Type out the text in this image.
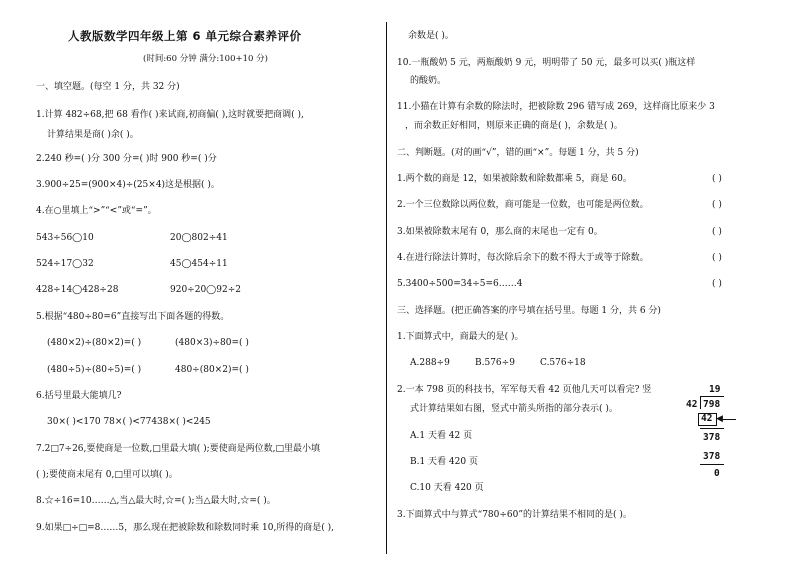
人教版数学四年级上第 6 单元综合素养评价
(时间:60 分钟 满分:100+10 分)
一、填空题。(每空 1 分，共 32 分)
1.计算 482÷68,把 68 看作( )来试商,初商偏( ),这时就要把商调( ),
计算结果是商( )余( )。
2.240 秒=( )分 300 分=( )时 900 秒=( )分
3.900÷25=(900×4)÷(25×4)这是根据( )。
4.在○里填上“>”“<”或“=”。
543÷56◯10	20◯802÷41
524÷17◯32	45◯454÷11
428÷14◯428÷28	920÷20◯92÷2
5.根据“480÷80=6”直接写出下面各题的得数。
(480×2)÷(80×2)=( )	(480×3)÷80=( )
(480÷5)÷(80÷5)=( )	480÷(80×2)=( )
6.括号里最大能填几?
30×( )<170 78×( )<77438×( )<245
7.2□7÷26,要使商是一位数,□里最大填( );要使商是两位数,□里最小填
( );要使商末尾有 0,□里可以填( )。
8.☆÷16=10……△,当△最大时,☆=( );当△最大时,☆=( )。
9.如果□÷□=8……5，那么现在把被除数和除数同时乘 10,所得的商是( ),
余数是( )。
10.一瓶酸奶 5 元，两瓶酸奶 9 元，明明带了 50 元，最多可以买( )瓶这样
的酸奶。
11.小猫在计算有余数的除法时，把被除数 296 错写成 269，这样商比原来少 3
，而余数正好相同，则原来正确的商是( )，余数是( )。
二、判断题。(对的画“√”，错的画“×”。每题 1 分，共 5 分)
1.两个数的商是 12，如果被除数和除数都乘 5，商是 60。	( )
2.一个三位数除以两位数，商可能是一位数，也可能是两位数。	( )
3.如果被除数末尾有 0，那么商的末尾也一定有 0。	( )
4.在进行除法计算时，每次除后余下的数不得大于或等于除数。	( )
5.3400÷500=34÷5=6……4	( )
三、选择题。(把正确答案的序号填在括号里。每题 1 分，共 6 分)
1.下面算式中，商最大的是( )。
A.288÷9	B.576÷9	C.576÷18
2.一本 798 页的科技书，军军每天看 42 页他几天可以看完? 竖
式计算结果如右图，竖式中箭头所指的部分表示( )。
A.1 天看 42 页
B.1 天看 420 页
C.10 天看 420 页
3.下面算式中与算式“780÷60”的计算结果不相同的是( )。
19
42 798
42 ◀
378
378
0
